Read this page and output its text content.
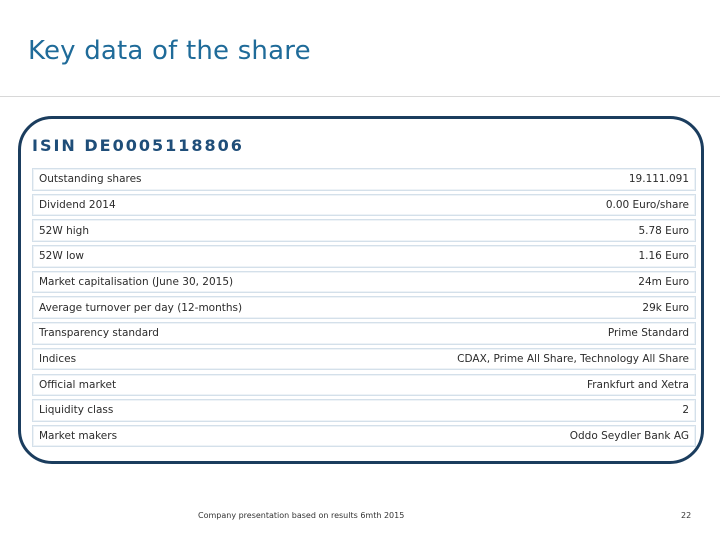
Key data of the share
ISIN DE0005118806
Outstanding shares	19.111.091
Dividend 2014	0.00 Euro/share
52W high	5.78 Euro
52W low	1.16 Euro
Market capitalisation (June 30, 2015)	24m Euro
Average turnover per day (12-months)	29k Euro
Transparency standard	Prime Standard
Indices	CDAX, Prime All Share, Technology All Share
Official market	Frankfurt and Xetra
Liquidity class	2
Market makers	Oddo Seydler Bank AG
Company presentation based on results 6mth 2015	22
